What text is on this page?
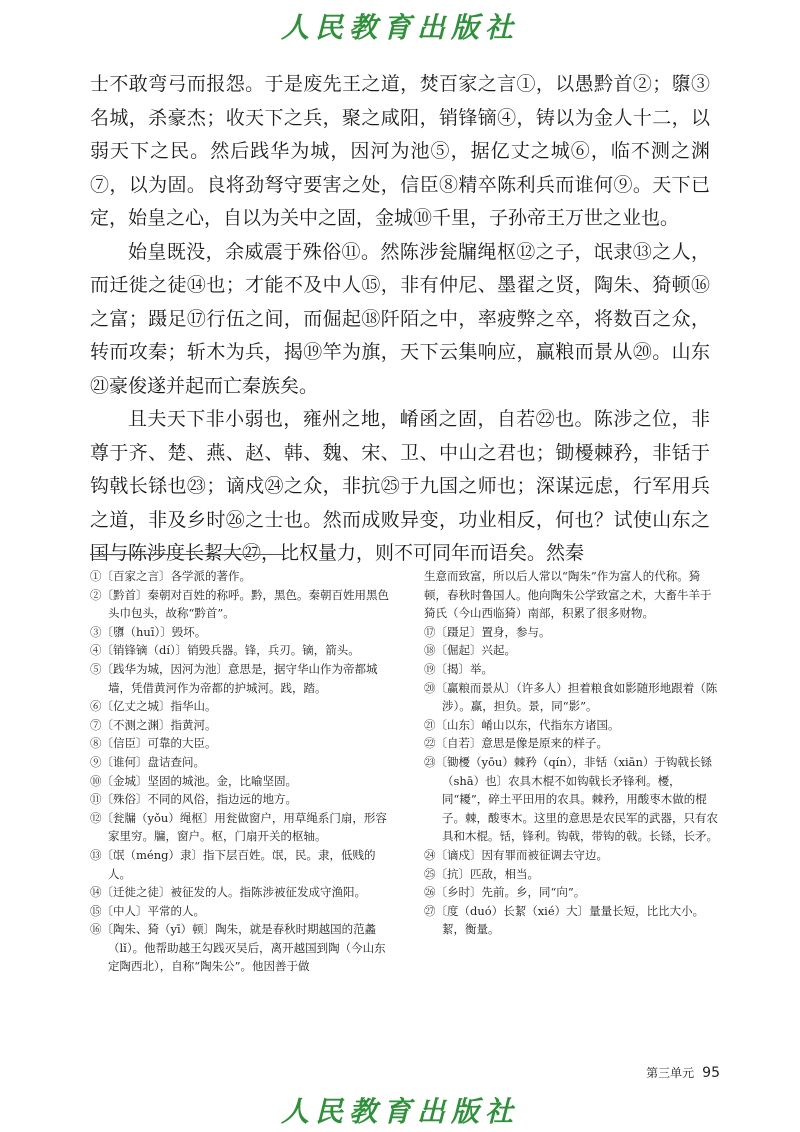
人民教育出版社

士不敢弯弓而报怨。于是废先王之道，焚百家之言①，以愚黔首②；隳③名城，杀豪杰；收天下之兵，聚之咸阳，销锋镝④，铸以为金人十二，以弱天下之民。然后践华为城，因河为池⑤，据亿丈之城⑥，临不测之渊⑦，以为固。良将劲弩守要害之处，信臣⑧精卒陈利兵而谁何⑨。天下已定，始皇之心，自以为关中之固，金城⑩千里，子孙帝王万世之业也。

始皇既没，余威震于殊俗⑪。然陈涉瓮牖绳枢⑫之子，氓隶⑬之人，而迁徙之徒⑭也；才能不及中人⑮，非有仲尼、墨翟之贤，陶朱、猗顿⑯之富；蹑足⑰行伍之间，而倔起⑱阡陌之中，率疲弊之卒，将数百之众，转而攻秦；斩木为兵，揭⑲竿为旗，天下云集响应，赢粮而景从⑳。山东㉑豪俊遂并起而亡秦族矣。

且夫天下非小弱也，雍州之地，崤函之固，自若㉒也。陈涉之位，非尊于齐、楚、燕、赵、韩、魏、宋、卫、中山之君也；锄櫌棘矜，非铦于钩戟长铩也㉓；谪戍㉔之众，非抗㉕于九国之师也；深谋远虑，行军用兵之道，非及乡时㉖之士也。然而成败异变，功业相反，何也？试使山东之国与陈涉度长絜大㉗，比权量力，则不可同年而语矣。然秦

①〔百家之言〕各学派的著作。

②〔黔首〕秦朝对百姓的称呼。黔，黑色。秦朝百姓用黑色头巾包头，故称“黔首”。

③〔隳（huī）〕毁坏。

④〔销锋镝（dí）〕销毁兵器。锋，兵刃。镝，箭头。

⑤〔践华为城，因河为池〕意思是，据守华山作为帝都城墙，凭借黄河作为帝都的护城河。践，踏。

⑥〔亿丈之城〕指华山。

⑦〔不测之渊〕指黄河。

⑧〔信臣〕可靠的大臣。

⑨〔谁何〕盘诘查问。

⑩〔金城〕坚固的城池。金，比喻坚固。

⑪〔殊俗〕不同的风俗，指边远的地方。

⑫〔瓮牖（yǒu）绳枢〕用瓮做窗户，用草绳系门扇，形容家里穷。牖，窗户。枢，门扇开关的枢轴。

⑬〔氓（méng）隶〕指下层百姓。氓，民。隶，低贱的人。

⑭〔迁徙之徒〕被征发的人。指陈涉被征发成守渔阳。

⑮〔中人〕平常的人。

⑯〔陶朱、猗（yī）顿〕陶朱，就是春秋时期越国的范蠡（lǐ）。他帮助越王勾践灭吴后，离开越国到陶（今山东定陶西北），自称“陶朱公”。他因善于做

生意而致富，所以后人常以“陶朱”作为富人的代称。猗顿，春秋时鲁国人。他向陶朱公学致富之术，大畜牛羊于猗氏（今山西临猗）南部，积累了很多财物。

⑰〔蹑足〕置身，参与。

⑱〔倔起〕兴起。

⑲〔揭〕举。

⑳〔赢粮而景从〕（许多人）担着粮食如影随形地跟着（陈涉）。赢，担负。景，同“影”。

㉑〔山东〕崤山以东，代指东方诸国。

㉒〔自若〕意思是像是原来的样子。

㉓〔锄櫌（yōu）棘矜（qín），非铦（xiān）于钩戟长铩（shā）也〕农具木棍不如钩戟长矛锋利。櫌，同“耰”，碎土平田用的农具。棘矜，用酸枣木做的棍子。棘，酸枣木。这里的意思是农民军的武器，只有农具和木棍。铦，锋利。钩戟，带钩的戟。长铩，长矛。

㉔〔谪戍〕因有罪而被征调去守边。

㉕〔抗〕匹敌，相当。

㉖〔乡时〕先前。乡，同“向”。

㉗〔度（duó）长絜（xié）大〕量量长短，比比大小。絜，衡量。

第三单元 95
人民教育出版社
